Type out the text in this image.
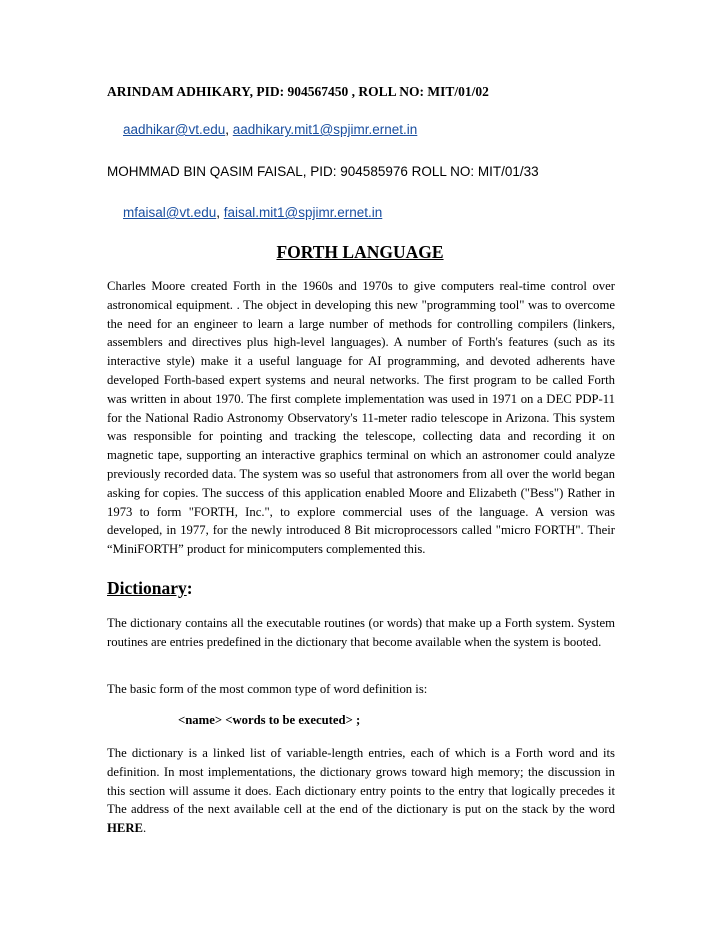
ARINDAM ADHIKARY, PID: 904567450 , ROLL NO: MIT/01/02
aadhikar@vt.edu, aadhikary.mit1@spjimr.ernet.in
MOHMMAD BIN QASIM FAISAL, PID: 904585976 ROLL NO: MIT/01/33
mfaisal@vt.edu, faisal.mit1@spjimr.ernet.in
FORTH LANGUAGE
Charles Moore created Forth in the 1960s and 1970s to give computers real-time control over astronomical equipment. . The object in developing this new "programming tool" was to overcome the need for an engineer to learn a large number of methods for controlling compilers (linkers, assemblers and directives plus high-level languages). A number of Forth's features (such as its interactive style) make it a useful language for AI programming, and devoted adherents have developed Forth-based expert systems and neural networks. The first program to be called Forth was written in about 1970. The first complete implementation was used in 1971 on a DEC PDP-11 for the National Radio Astronomy Observatory's 11-meter radio telescope in Arizona. This system was responsible for pointing and tracking the telescope, collecting data and recording it on magnetic tape, supporting an interactive graphics terminal on which an astronomer could analyze previously recorded data. The system was so useful that astronomers from all over the world began asking for copies. The success of this application enabled Moore and Elizabeth ("Bess") Rather in 1973 to form "FORTH, Inc.", to explore commercial uses of the language. A version was developed, in 1977, for the newly introduced 8 Bit microprocessors called "micro FORTH". Their “MiniFORTH” product for minicomputers complemented this.
Dictionary:
The dictionary contains all the executable routines (or words) that make up a Forth system. System routines are entries predefined in the dictionary that become available when the system is booted.
The basic form of the most common type of word definition is:
<name> <words to be executed> ;
The dictionary is a linked list of variable-length entries, each of which is a Forth word and its definition. In most implementations, the dictionary grows toward high memory; the discussion in this section will assume it does. Each dictionary entry points to the entry that logically precedes it The address of the next available cell at the end of the dictionary is put on the stack by the word HERE.
